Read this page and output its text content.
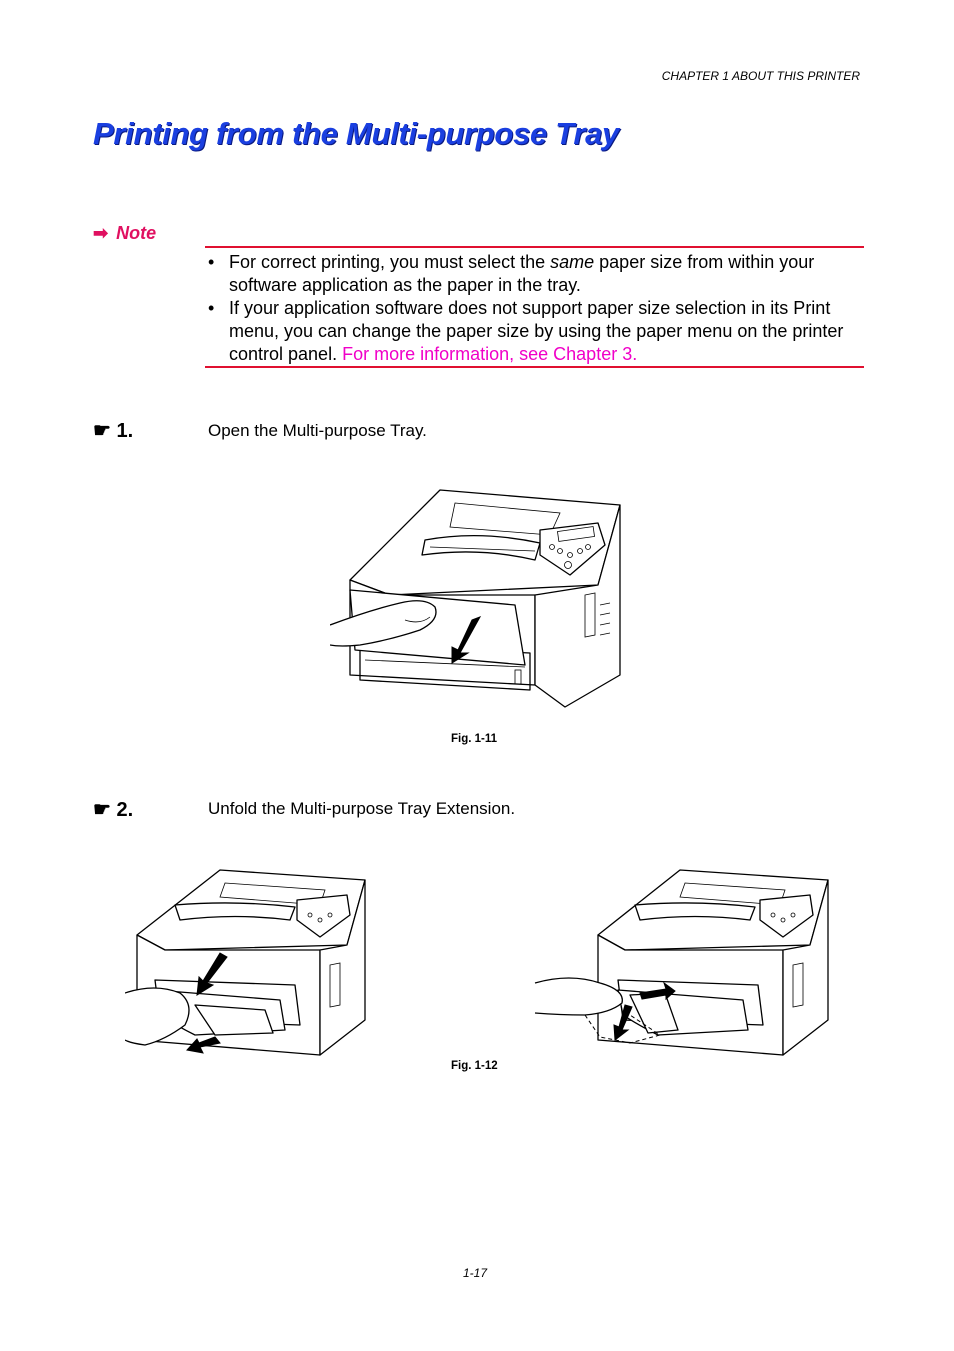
CHAPTER 1 ABOUT THIS PRINTER
Printing from the Multi-purpose Tray
➡ Note
• For correct printing, you must select the same paper size from within your software application as the paper in the tray.
• If your application software does not support paper size selection in its Print menu, you can change the paper size by using the paper menu on the printer control panel. For more information, see Chapter 3.
☛ 1.	Open the Multi-purpose Tray.
Fig. 1-11
☛ 2.	Unfold the Multi-purpose Tray Extension.
Fig. 1-12
1-17
